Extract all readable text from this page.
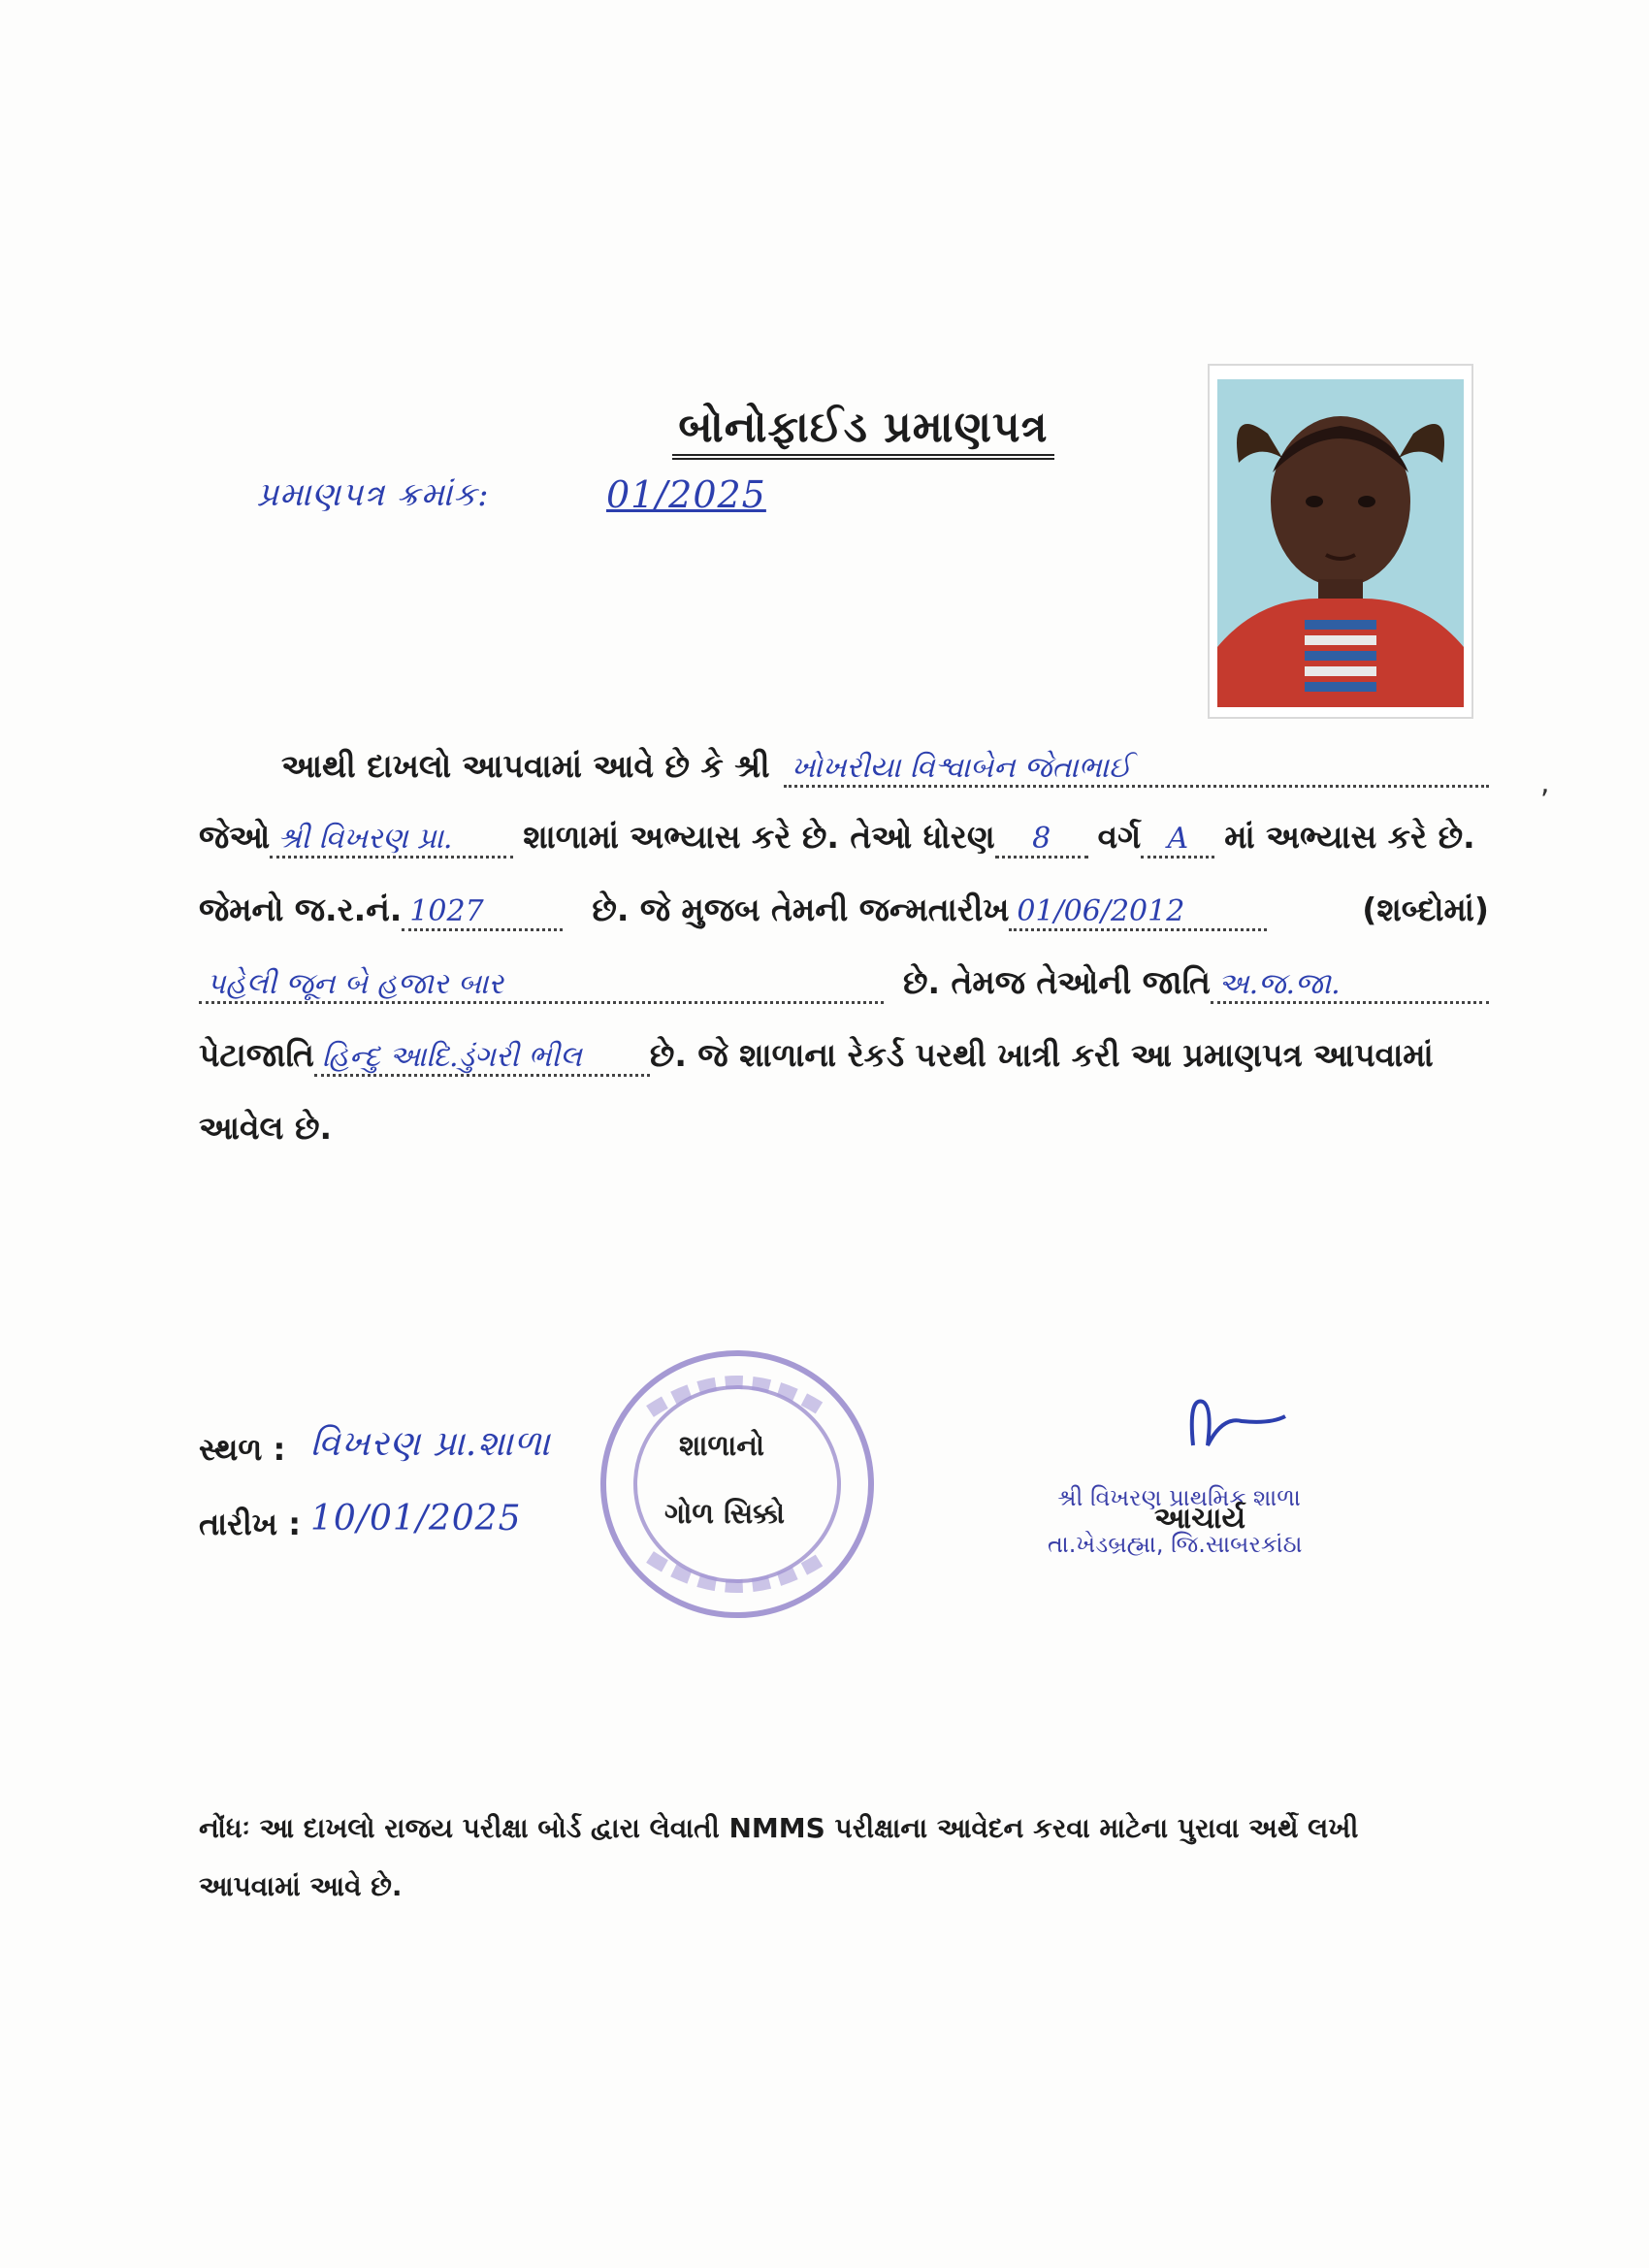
બોનોફાઈડ પ્રમાણપત્ર
પ્રમાણપત્ર ક્રમાંક:	01/2025
આથી દાખલો આપવામાં આવે છે કે શ્રી ખોખરીયા વિશ્વાબેન જેતાભાઈ	,
જેઓ શ્રી વિખરણ પ્રા.	શાળામાં અભ્યાસ કરે છે. તેઓ ધોરણ	8	વર્ગ A	માં અભ્યાસ કરે છે.
જેમનો જ.ર.નં. 1027	છે. જે મુજબ તેમની જન્મતારીખ 01/06/2012	(શબ્દોમાં)
પહેલી જૂન બે હજાર બાર	છે. તેમજ તેઓની જાતિ અ.જ.જા.
પેટાજાતિ હિન્દુ આદિ.ડુંગરી ભીલ	છે. જે શાળાના રેકર્ડ પરથી ખાત્રી કરી આ પ્રમાણપત્ર આપવામાં
આવેલ છે.
સ્થળ : વિખરણ પ્રા.શાળા
તારીખ : 10/01/2025
શાળાનો
ગોળ સિક્કો	શ્રી વિખરણ પ્રાથમિક શાળા
આચાર્ય
તા.ખેડબ્રહ્મા, જિ.સાબરકાંઠા
નોંધઃ આ દાખલો રાજય પરીક્ષા બોર્ડ દ્વારા લેવાતી NMMS પરીક્ષાના આવેદન કરવા માટેના પુરાવા અર્થે લખી
આપવામાં આવે છે.
